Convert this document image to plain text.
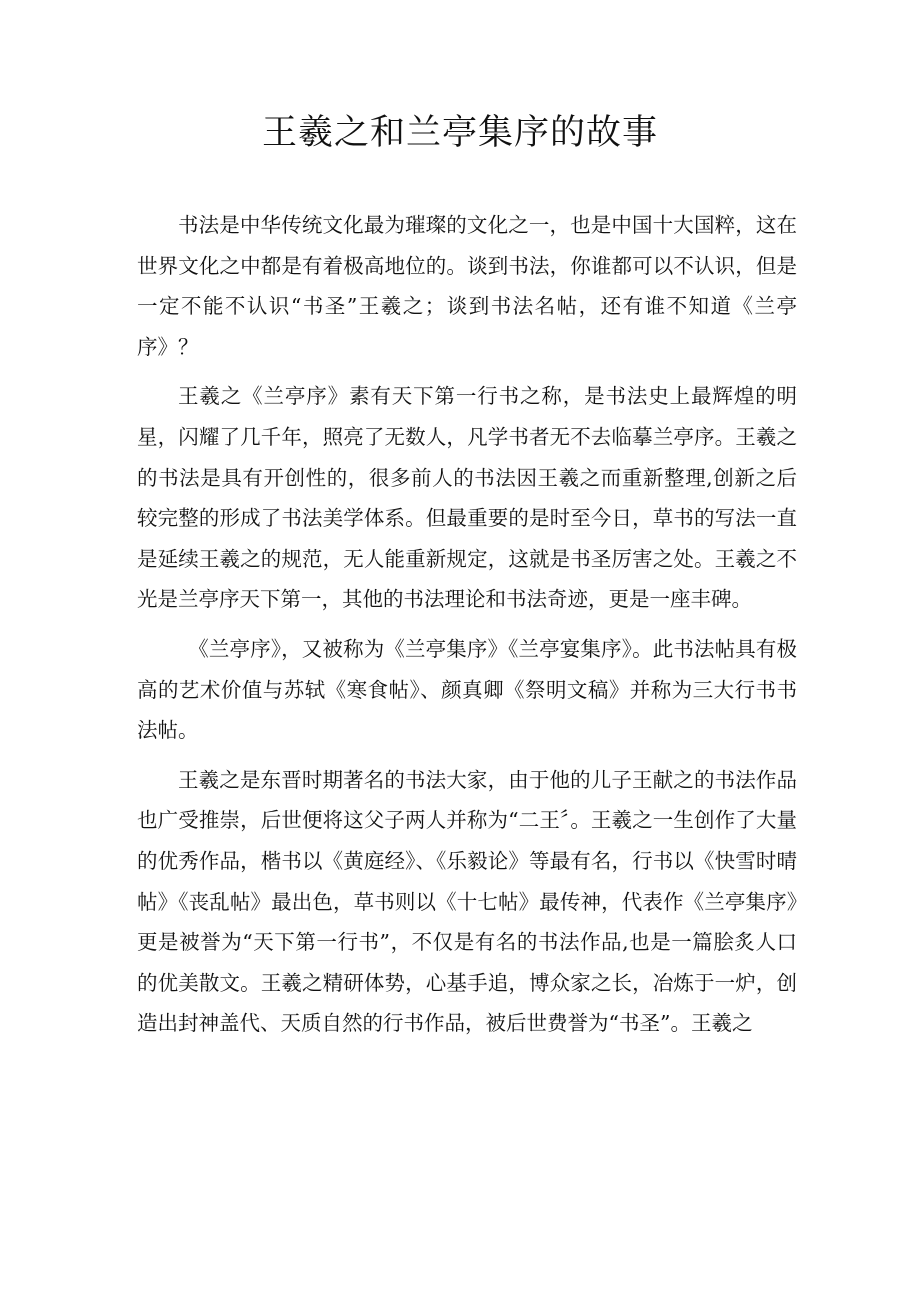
王羲之和兰亭集序的故事

书法是中华传统文化最为璀璨的文化之一，也是中国十大国粹，这在世界文化之中都是有着极高地位的。谈到书法，你谁都可以不认识，但是一定不能不认识“书圣”王羲之；谈到书法名帖，还有谁不知道《兰亭序》？

王羲之《兰亭序》素有天下第一行书之称，是书法史上最辉煌的明星，闪耀了几千年，照亮了无数人，凡学书者无不去临摹兰亭序。王羲之的书法是具有开创性的，很多前人的书法因王羲之而重新整理,创新之后较完整的形成了书法美学体系。但最重要的是时至今日，草书的写法一直是延续王羲之的规范，无人能重新规定，这就是书圣厉害之处。王羲之不光是兰亭序天下第一，其他的书法理论和书法奇迹，更是一座丰碑。

《兰亭序》，又被称为《兰亭集序》《兰亭宴集序》。此书法帖具有极高的艺术价值与苏轼《寒食帖》、颜真卿《祭明文稿》并称为三大行书书法帖。

王羲之是东晋时期著名的书法大家，由于他的儿子王献之的书法作品也广受推崇，后世便将这父子两人并称为“二王〞。王羲之一生创作了大量的优秀作品，楷书以《黄庭经》、《乐毅论》等最有名，行书以《快雪时晴帖》《丧乱帖》最出色，草书则以《十七帖》最传神，代表作《兰亭集序》更是被誉为“天下第一行书”，不仅是有名的书法作品,也是一篇脍炙人口的优美散文。王羲之精研体势，心基手追，博众家之长，冶炼于一炉，创造出封神盖代、天质自然的行书作品，被后世费誉为“书圣”。王羲之
